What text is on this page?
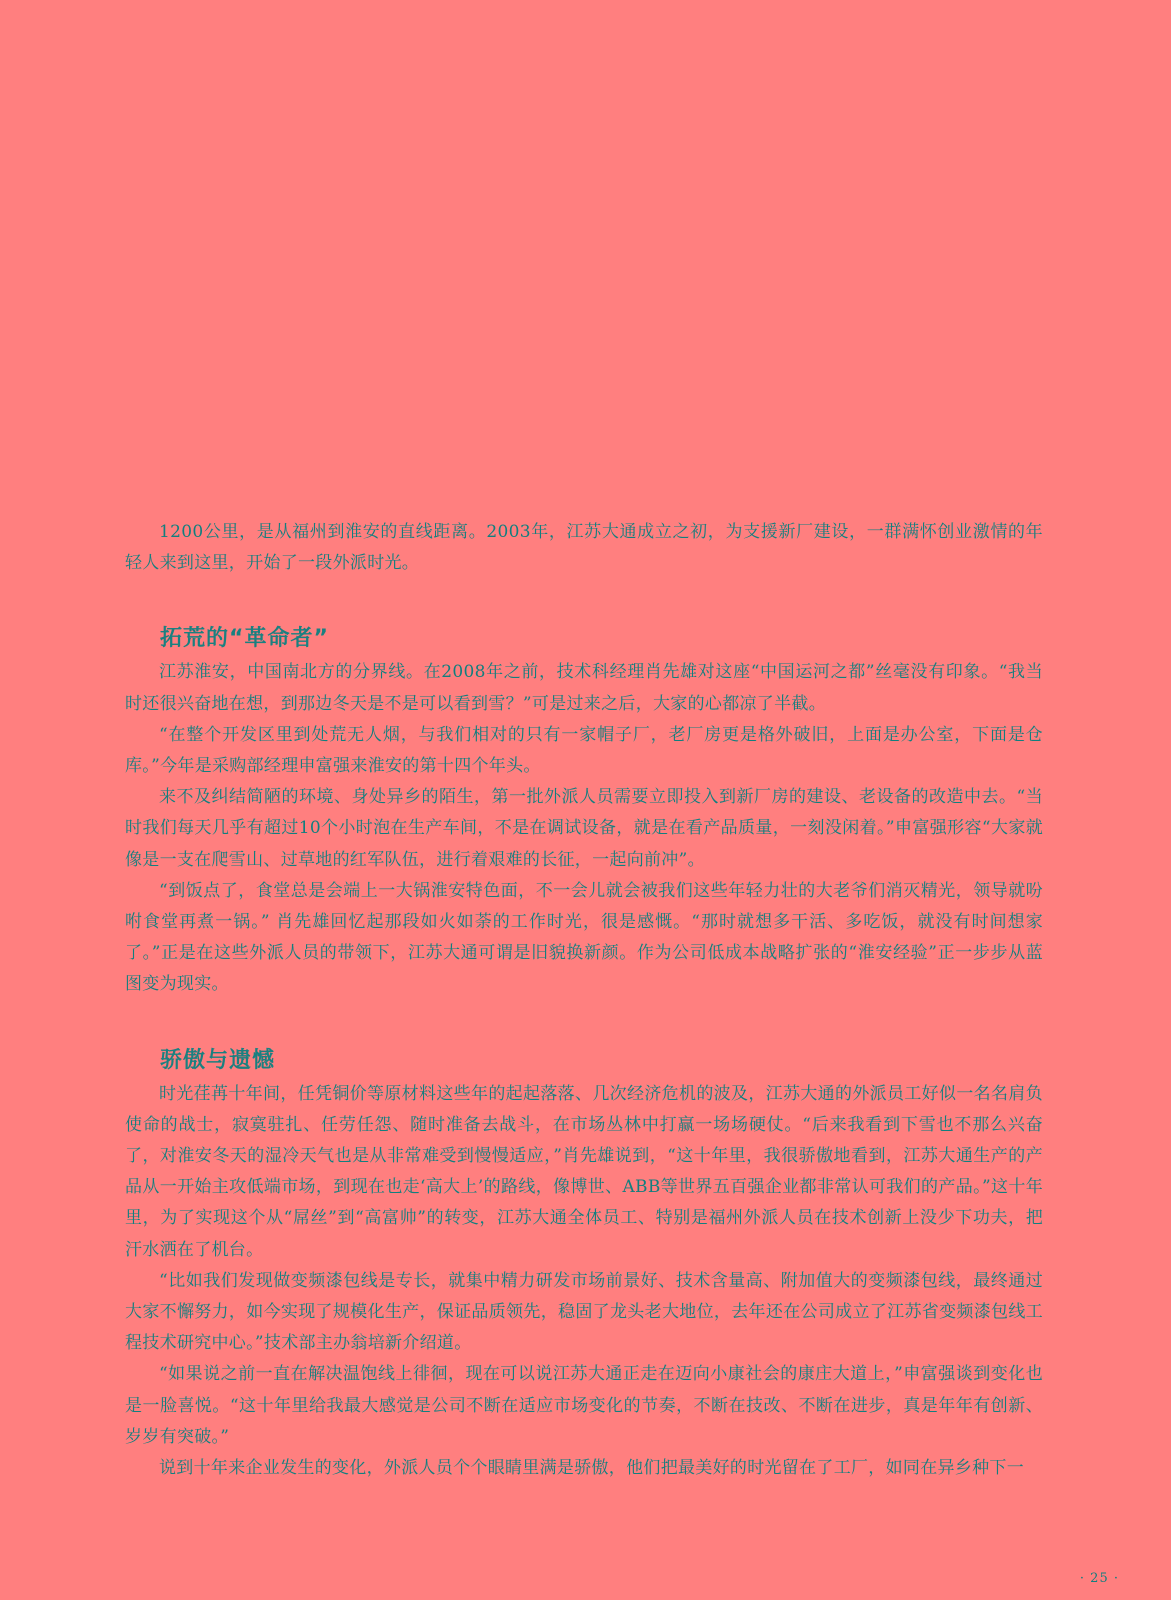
1200公里，是从福州到淮安的直线距离。2003年，江苏大通成立之初，为支援新厂建设，一群满怀创业激情的年轻人来到这里，开始了一段外派时光。

拓荒的“革命者”

江苏淮安，中国南北方的分界线。在2008年之前，技术科经理肖先雄对这座“中国运河之都”丝毫没有印象。“我当时还很兴奋地在想，到那边冬天是不是可以看到雪？”可是过来之后，大家的心都凉了半截。

“在整个开发区里到处荒无人烟，与我们相对的只有一家帽子厂，老厂房更是格外破旧，上面是办公室，下面是仓库。”今年是采购部经理申富强来淮安的第十四个年头。

来不及纠结简陋的环境、身处异乡的陌生，第一批外派人员需要立即投入到新厂房的建设、老设备的改造中去。“当时我们每天几乎有超过10个小时泡在生产车间，不是在调试设备，就是在看产品质量，一刻没闲着。”申富强形容“大家就像是一支在爬雪山、过草地的红军队伍，进行着艰难的长征，一起向前冲”。

“到饭点了，食堂总是会端上一大锅淮安特色面，不一会儿就会被我们这些年轻力壮的大老爷们消灭精光，领导就吩咐食堂再煮一锅。” 肖先雄回忆起那段如火如荼的工作时光，很是感慨。“那时就想多干活、多吃饭，就没有时间想家了。”正是在这些外派人员的带领下，江苏大通可谓是旧貌换新颜。作为公司低成本战略扩张的“淮安经验”正一步步从蓝图变为现实。

骄傲与遗憾

时光荏苒十年间，任凭铜价等原材料这些年的起起落落、几次经济危机的波及，江苏大通的外派员工好似一名名肩负使命的战士，寂寞驻扎、任劳任怨、随时准备去战斗，在市场丛林中打赢一场场硬仗。“后来我看到下雪也不那么兴奋了，对淮安冬天的湿冷天气也是从非常难受到慢慢适应，”肖先雄说到，“这十年里，我很骄傲地看到，江苏大通生产的产品从一开始主攻低端市场，到现在也走‘高大上’的路线，像博世、ABB等世界五百强企业都非常认可我们的产品。”这十年里，为了实现这个从“屌丝”到“高富帅”的转变，江苏大通全体员工、特别是福州外派人员在技术创新上没少下功夫，把汗水洒在了机台。

“比如我们发现做变频漆包线是专长，就集中精力研发市场前景好、技术含量高、附加值大的变频漆包线，最终通过大家不懈努力，如今实现了规模化生产，保证品质领先，稳固了龙头老大地位，去年还在公司成立了江苏省变频漆包线工程技术研究中心。”技术部主办翁培新介绍道。

“如果说之前一直在解决温饱线上徘徊，现在可以说江苏大通正走在迈向小康社会的康庄大道上，”申富强谈到变化也是一脸喜悦。“这十年里给我最大感觉是公司不断在适应市场变化的节奏，不断在技改、不断在进步，真是年年有创新、岁岁有突破。”

说到十年来企业发生的变化，外派人员个个眼睛里满是骄傲，他们把最美好的时光留在了工厂，如同在异乡种下一

· 25 ·
